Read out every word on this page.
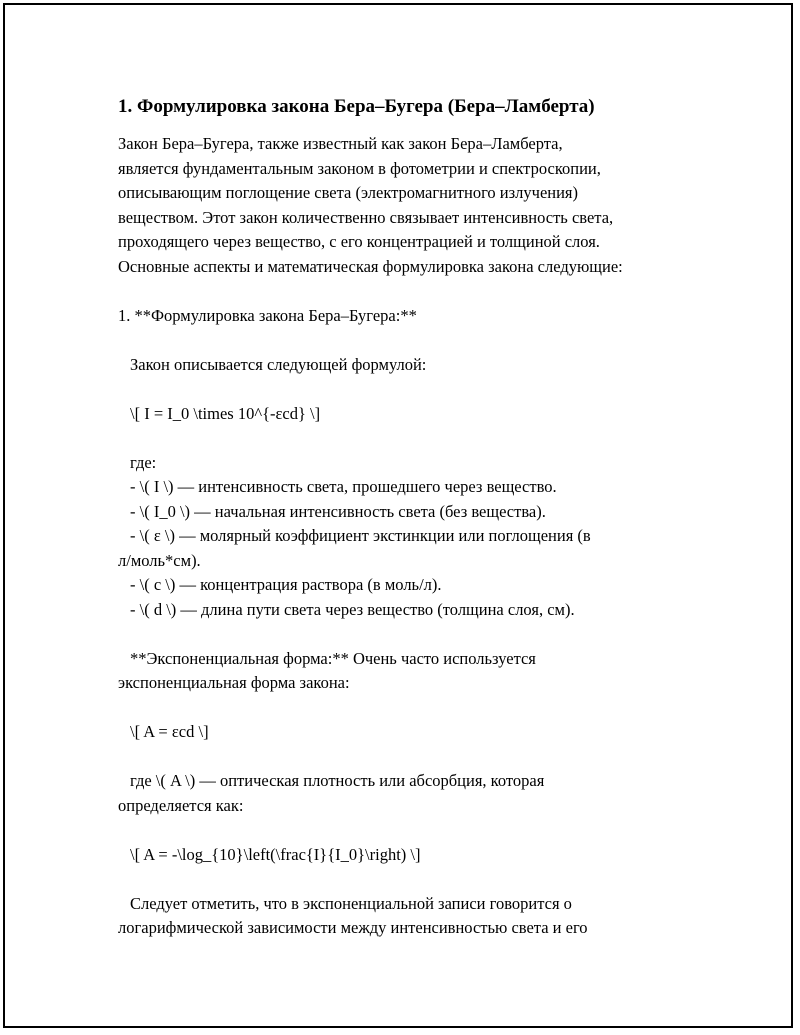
1. Формулировка закона Бера–Бугера (Бера–Ламберта)
Закон Бера–Бугера, также известный как закон Бера–Ламберта,
является фундаментальным законом в фотометрии и спектроскопии,
описывающим поглощение света (электромагнитного излучения)
веществом. Этот закон количественно связывает интенсивность света,
проходящего через вещество, с его концентрацией и толщиной слоя.
Основные аспекты и математическая формулировка закона следующие:
1. **Формулировка закона Бера–Бугера:**
Закон описывается следующей формулой:
\[ I = I_0 \times 10^{-εcd} \]
где:
- \( I \) — интенсивность света, прошедшего через вещество.
- \( I_0 \) — начальная интенсивность света (без вещества).
- \( ε \) — молярный коэффициент экстинкции или поглощения (в
л/моль*см).
- \( c \) — концентрация раствора (в моль/л).
- \( d \) — длина пути света через вещество (толщина слоя, см).
**Экспоненциальная форма:** Очень часто используется
экспоненциальная форма закона:
\[ A = εcd \]
где \( A \) — оптическая плотность или абсорбция, которая
определяется как:
\[ A = -\log_{10}\left(\frac{I}{I_0}\right) \]
Следует отметить, что в экспоненциальной записи говорится о
логарифмической зависимости между интенсивностью света и его
